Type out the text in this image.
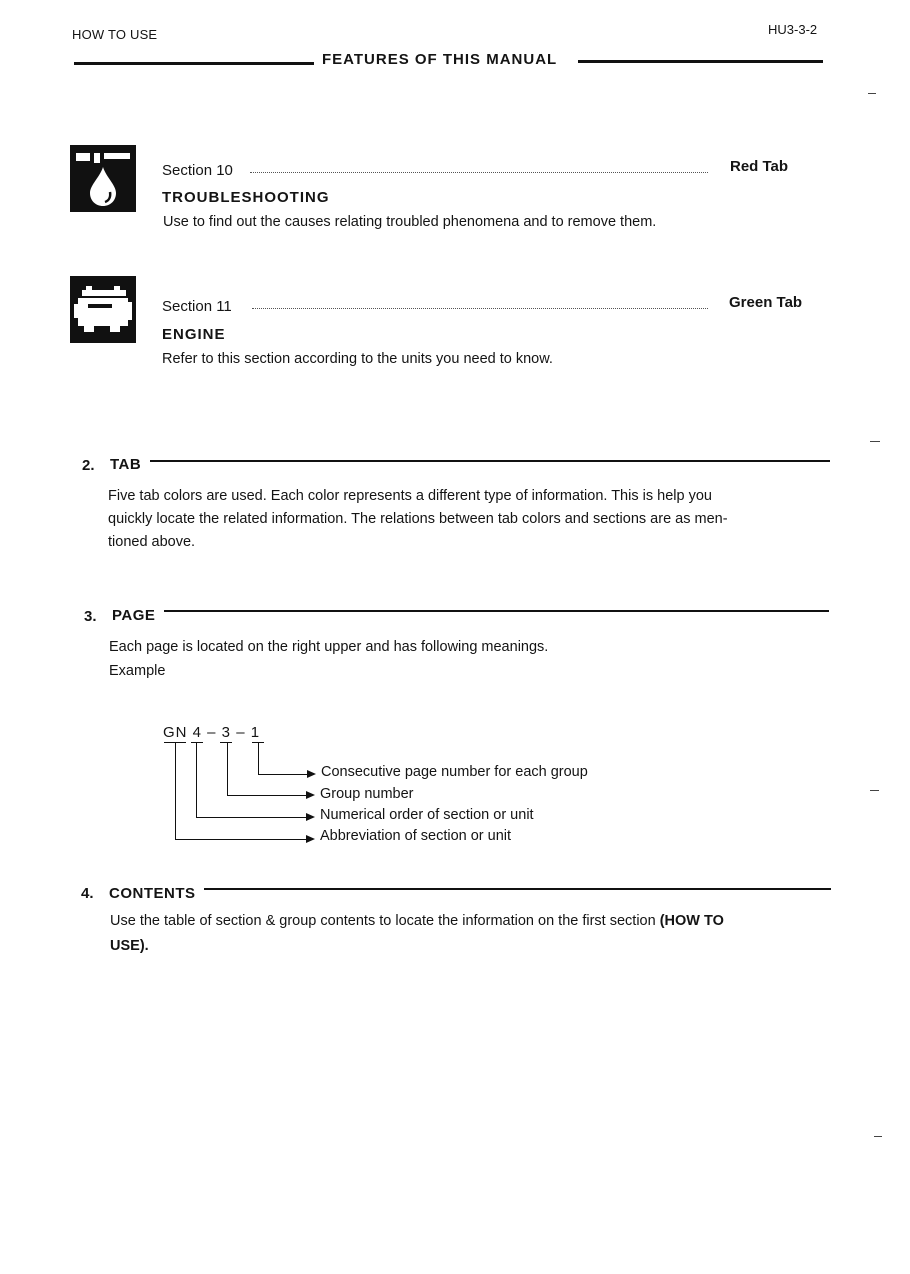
HOW TO USE	HU3-3-2
FEATURES OF THIS MANUAL
Section 10	Red Tab
TROUBLESHOOTING
Use to find out the causes relating troubled phenomena and to remove them.
Section 11	Green Tab
ENGINE
Refer to this section according to the units you need to know.
2. TAB

Five tab colors are used. Each color represents a different type of information. This is help you

quickly locate the related information. The relations between tab colors and sections are as men-

tioned above.

3. PAGE
Each page is located on the right upper and has following meanings.
Example
GN 4 – 3 – 1
Consecutive page number for each group
Group number
Numerical order of section or unit
Abbreviation of section or unit
4. CONTENTS
Use the table of section & group contents to locate the information on the first section (HOW TO
USE).
